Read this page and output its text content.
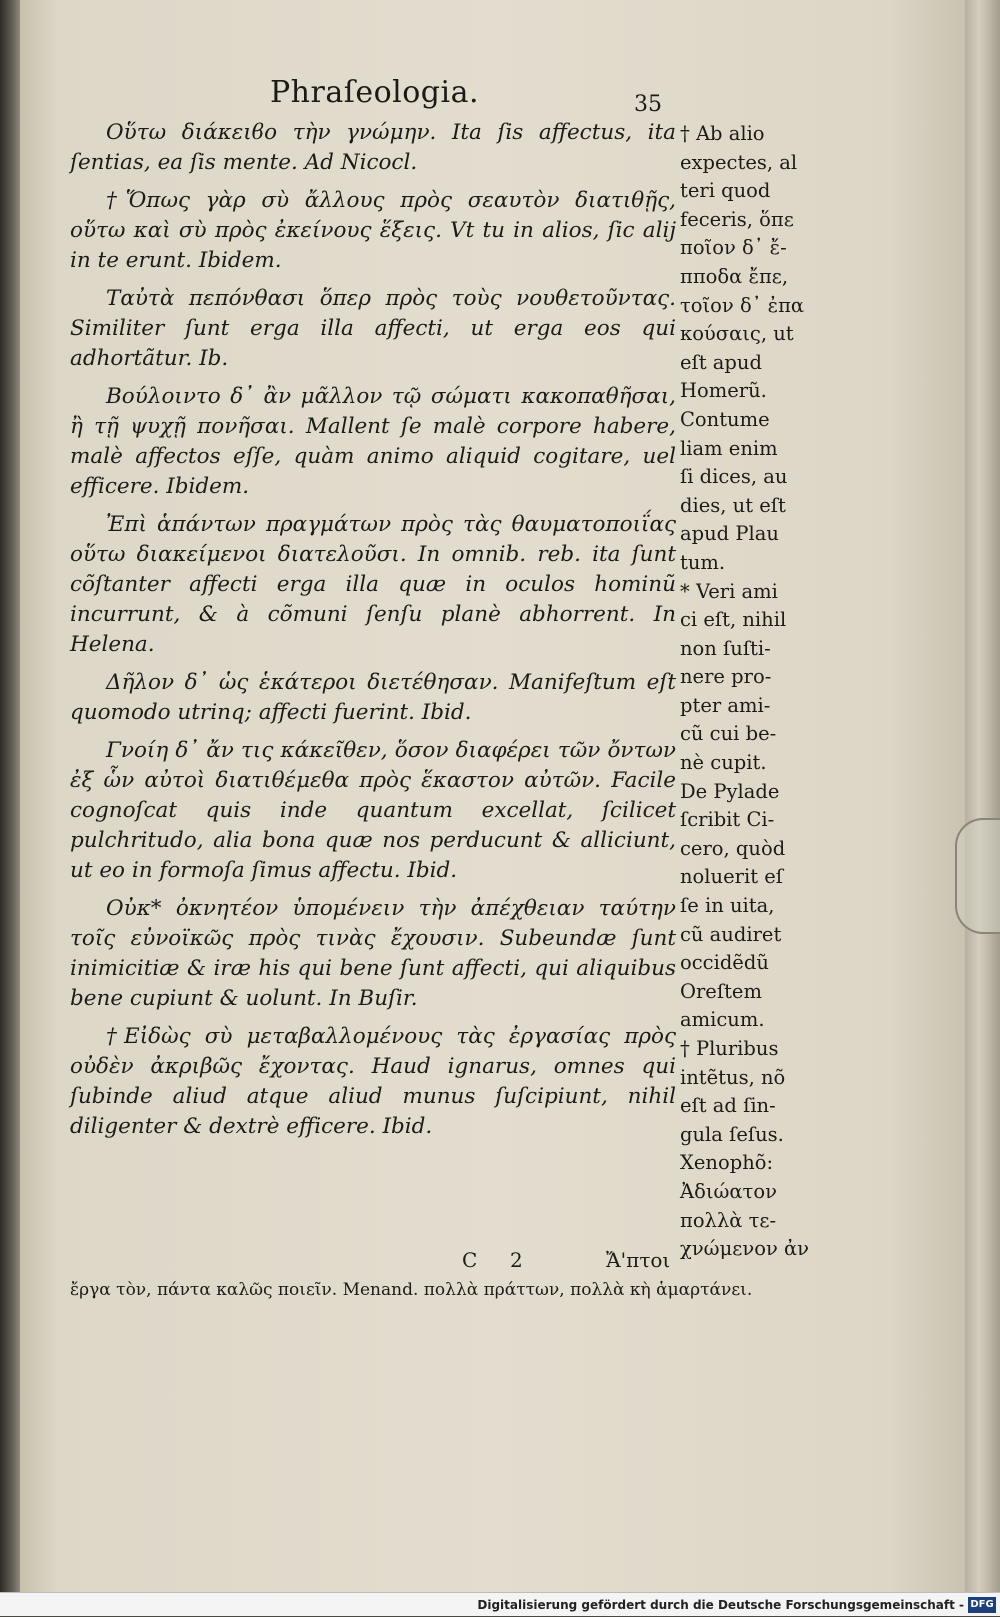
Phraſeologia.	35

Οὕτω διάκειϐο τὴν γνώμην. Ita ſis affectus, ita ſentias, ea ſis mente. Ad Nicocl.

†Ὅπως γὰρ σὺ ἄλλους πρὸς σεαυτὸν διατιθῇς, οὕτω καὶ σὺ πρὸς ἐκείνους ἕξεις. Vt tu in alios, ſic alij in te erunt. Ibidem.

Ταὐτὰ πεπόνθασι ὅπερ πρὸς τοὺς νουθετοῦντας. Similiter ſunt erga illa affecti, ut erga eos qui adhortãtur. Ib.

Βούλοιντο δ᾽ ἂν μᾶλλον τῷ σώματι κακοπαθῆσαι, ἢ τῇ ψυχῇ πονῆσαι. Mallent ſe malè corpore habere, malè affectos eſſe, quàm animo aliquid cogitare, uel efficere. Ibidem.

Ἐπὶ ἁπάντων πραγμάτων πρὸς τὰς θαυματοποιΐας οὕτω διακείμενοι διατελοῦσι. In omnib. reb. ita ſunt cõſtanter affecti erga illa quæ in oculos hominũ incurrunt, & à cõmuni ſenſu planè abhorrent. In Helena.

Δῆλον δ᾽ ὡς ἑκάτεροι διετέθησαν. Manifeſtum eſt quomodo utrinq; affecti fuerint. Ibid.

Γνοίη δ᾽ ἄν τις κάκεῖθεν, ὅσον διαφέρει τῶν ὄντων ἐξ ὧν αὐτοὶ διατιθέμεθα πρὸς ἕκαστον αὐτῶν. Facile cognoſcat quis inde quantum excellat, ſcilicet pulchritudo, alia bona quæ nos perducunt & alliciunt, ut eo in formoſa ſimus affectu. Ibid.

Οὐκ* ὀκνητέον ὑπομένειν τὴν ἀπέχθειαν ταύτην τοῖς εὐνοϊκῶς πρὸς τινὰς ἔχουσιν. Subeundæ ſunt inimicitiæ & iræ his qui bene ſunt affecti, qui aliquibus bene cupiunt & uolunt. In Buſir.

†Εἰδὼς σὺ μεταβαλλομένους τὰς ἐργασίας πρὸς οὐδὲν ἀκριβῶς ἔχοντας. Haud ignarus, omnes qui ſubinde aliud atque aliud munus ſuſcipiunt, nihil diligenter & dextrè efficere. Ibid.

C 2	Ἄ'πτοι
ἔργα τὸν, πάντα καλῶς ποιεῖν. Menand. πολλὰ πράττων, πολλὰ κὴ ἁμαρτάνει.
† Ab alio
expectes, al
teri quod
feceris, ὅπε
ποῖον δ᾽ ἔ-
πποδα ἔπε,
τοῖον δ᾽ ἐπα
κούσαις, ut
eſt apud
Homerũ.
Contume
liam enim
ſi dices, au
dies, ut eſt
apud Plau
tum.
* Veri ami
ci eſt, nihil
non ſuſti-
nere pro-
pter ami-
cũ cui be-
nè cupit.
De Pylade
ſcribit Ci-
cero, quòd
noluerit eſ
ſe in uita,
cũ audiret
occidẽdũ
Oreſtem
amicum.
† Pluribus
intẽtus, nõ
eſt ad ſin-
gula ſeſus.
Xenophõ:
Ἀδιώατον
πολλὰ τε-
χνώμενον ἀν
Digitalisierung gefördert durch die Deutsche Forschungsgemeinschaft - DFG
